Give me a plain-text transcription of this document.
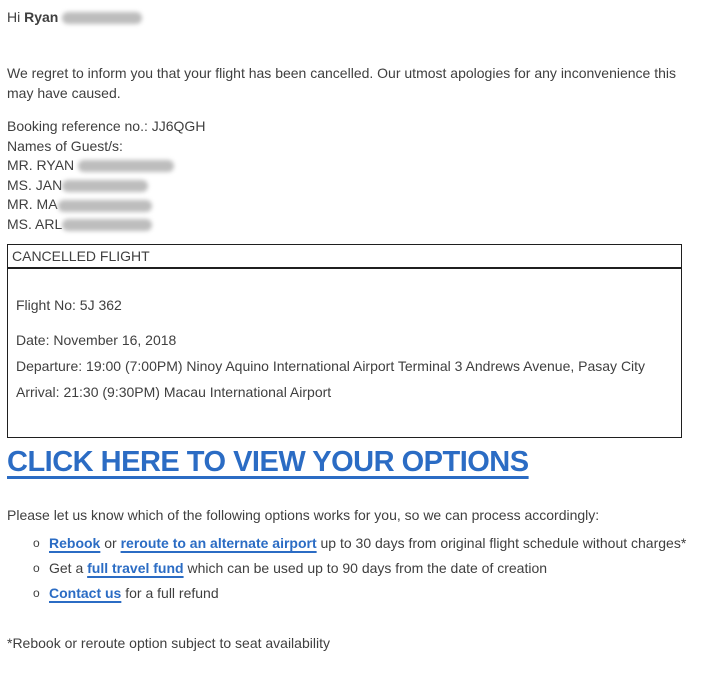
Hi Ryan
We regret to inform you that your flight has been cancelled. Our utmost apologies for any inconvenience this may have caused.
Booking reference no.: JJ6QGH
Names of Guest/s:
MR. RYAN
MS. JAN
MR. MA
MS. ARL
CANCELLED FLIGHT
Flight No: 5J 362
Date: November 16, 2018
Departure: 19:00 (7:00PM) Ninoy Aquino International Airport Terminal 3 Andrews Avenue, Pasay City
Arrival: 21:30 (9:30PM) Macau International Airport
CLICK HERE TO VIEW YOUR OPTIONS
Please let us know which of the following options works for you, so we can process accordingly:
o Rebook or reroute to an alternate airport up to 30 days from original flight schedule without charges*
o Get a full travel fund which can be used up to 90 days from the date of creation
o Contact us for a full refund
*Rebook or reroute option subject to seat availability
